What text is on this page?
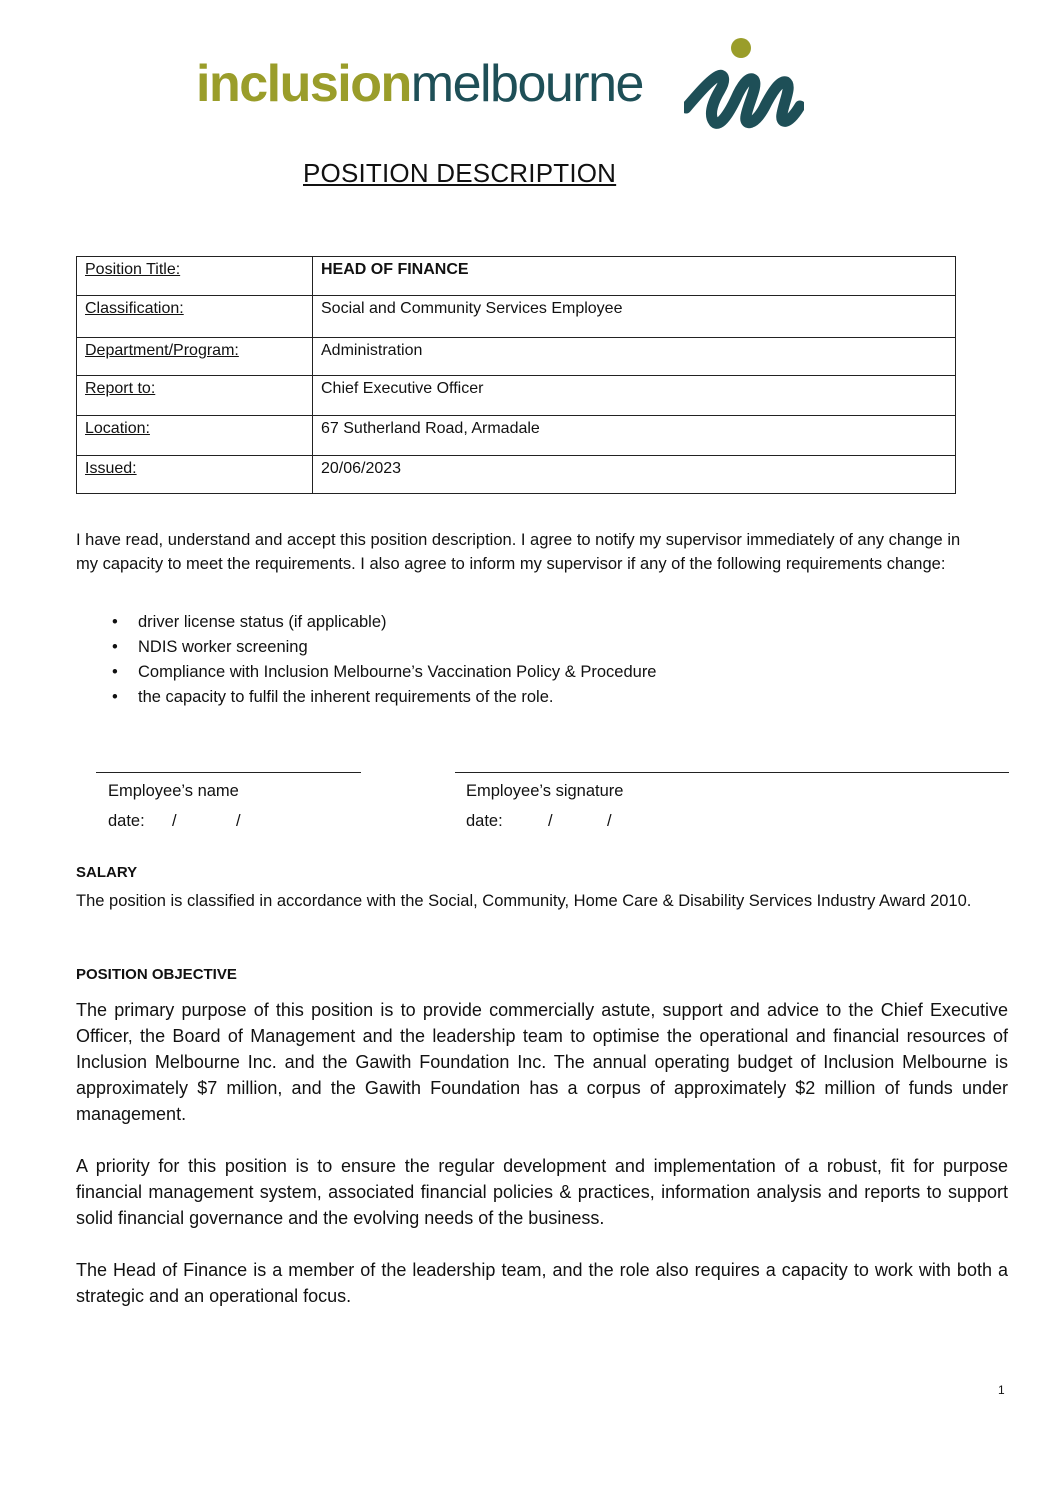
inclusionmelbourne
POSITION DESCRIPTION
Position Title:	HEAD OF FINANCE
Classification:	Social and Community Services Employee
Department/Program:	Administration
Report to:	Chief Executive Officer
Location:	67 Sutherland Road, Armadale
Issued:	20/06/2023
I have read, understand and accept this position description. I agree to notify my supervisor immediately of any change in my capacity to meet the requirements. I also agree to inform my supervisor if any of the following requirements change:
• driver license status (if applicable)
• NDIS worker screening
• Compliance with Inclusion Melbourne’s Vaccination Policy & Procedure
• the capacity to fulfil the inherent requirements of the role.
Employee’s name	Employee’s signature
date: /	/	date:	/	/
SALARY
The position is classified in accordance with the Social, Community, Home Care & Disability Services Industry Award 2010.
POSITION OBJECTIVE
The primary purpose of this position is to provide commercially astute, support and advice to the Chief Executive Officer, the Board of Management and the leadership team to optimise the operational and financial resources of Inclusion Melbourne Inc. and the Gawith Foundation Inc. The annual operating budget of Inclusion Melbourne is approximately $7 million, and the Gawith Foundation has a corpus of approximately $2 million of funds under management.
A priority for this position is to ensure the regular development and implementation of a robust, fit for purpose financial management system, associated financial policies & practices, information analysis and reports to support solid financial governance and the evolving needs of the business.
The Head of Finance is a member of the leadership team, and the role also requires a capacity to work with both a strategic and an operational focus.
1
